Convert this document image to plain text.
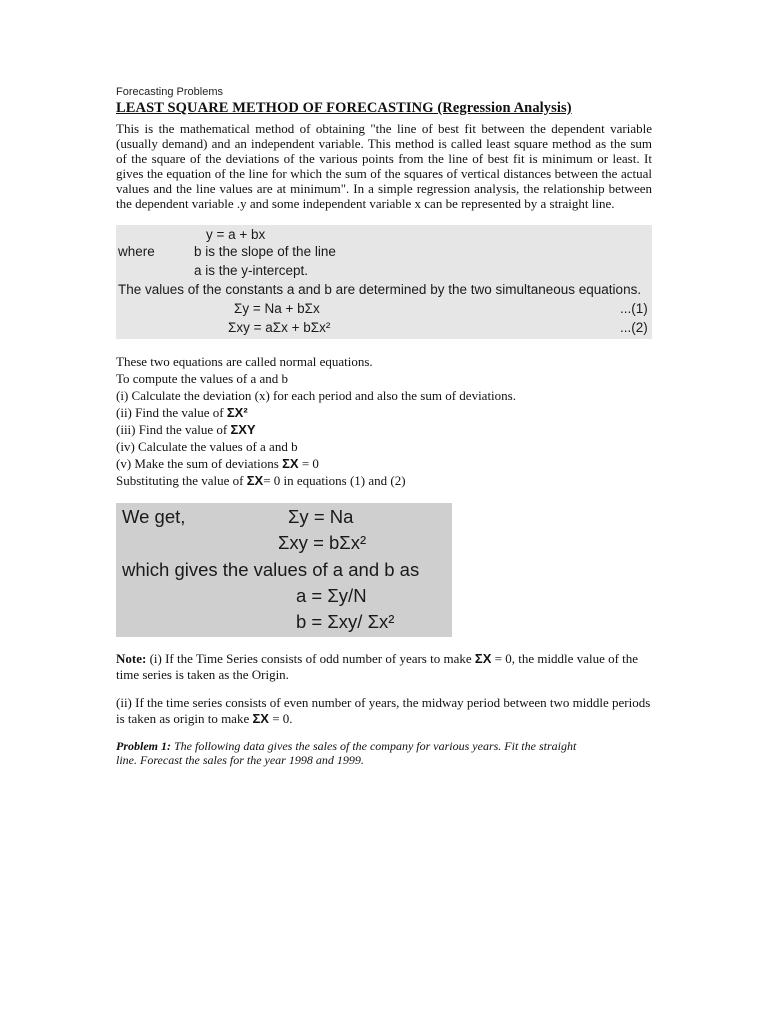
Forecasting Problems
LEAST SQUARE METHOD OF FORECASTING (Regression Analysis)

This is the mathematical method of obtaining "the line of best fit between the dependent variable (usually demand) and an independent variable. This method is called least square method as the sum of the square of the deviations of the various points from the line of best fit is minimum or least. It gives the equation of the line for which the sum of the squares of vertical distances between the actual values and the line values are at minimum". In a simple regression analysis, the relationship between the dependent variable .y and some independent variable x can be represented by a straight line.

y = a + bx
where	b is the slope of the line
a is the y-intercept.
The values of the constants a and b are determined by the two simultaneous equations.
Σy = Na + bΣx	...(1)
Σxy = aΣx + bΣx²	...(2)
These two equations are called normal equations.
To compute the values of a and b
(i) Calculate the deviation (x) for each period and also the sum of deviations.
(ii) Find the value of ΣX²
(iii) Find the value of ΣXY
(iv) Calculate the values of a and b
(v) Make the sum of deviations ΣX = 0
Substituting the value of ΣX= 0 in equations (1) and (2)
We get,	Σy = Na
Σxy = bΣx²
which gives the values of a and b as
a = Σy/N
b = Σxy/ Σx²

Note: (i) If the Time Series consists of odd number of years to make ΣX = 0, the middle value of the time series is taken as the Origin.

(ii) If the time series consists of even number of years, the midway period between two middle periods is taken as origin to make ΣX = 0.

Problem 1: The following data gives the sales of the company for various years. Fit the straight line. Forecast the sales for the year 1998 and 1999.
